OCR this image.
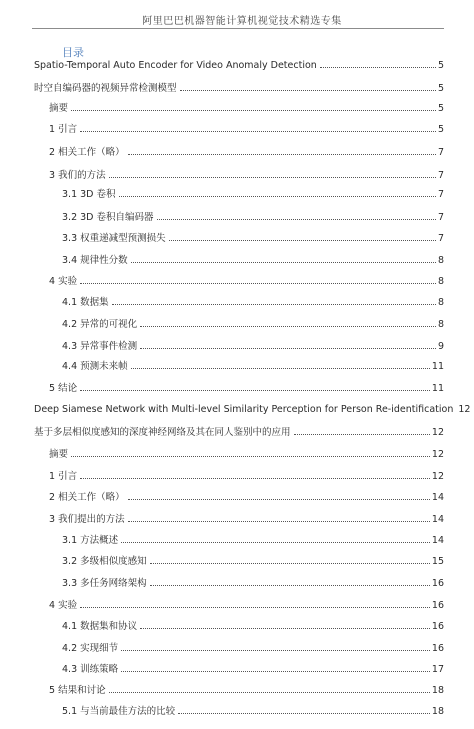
阿里巴巴机器智能计算机视觉技术精选专集
目录
Spatio-Temporal Auto Encoder for Video Anomaly Detection	5
时空自编码器的视频异常检测模型	5
摘要	5
1 引言	5
2 相关工作（略）	7
3 我们的方法	7
3.1 3D 卷积	7
3.2 3D 卷积自编码器	7
3.3 权重递减型预测损失	7
3.4 规律性分数	8
4 实验	8
4.1 数据集	8
4.2 异常的可视化	8
4.3 异常事件检测	9
4.4 预测未来帧	11
5 结论	11
Deep Siamese Network with Multi-level Similarity Perception for Person Re-identification 12
基于多层相似度感知的深度神经网络及其在同人鉴别中的应用	12
摘要	12
1 引言	12
2 相关工作（略）	14
3 我们提出的方法	14
3.1 方法概述	14
3.2 多级相似度感知	15
3.3 多任务网络架构	16
4 实验	16
4.1 数据集和协议	16
4.2 实现细节	16
4.3 训练策略	17
5 结果和讨论	18
5.1 与当前最佳方法的比较	18
